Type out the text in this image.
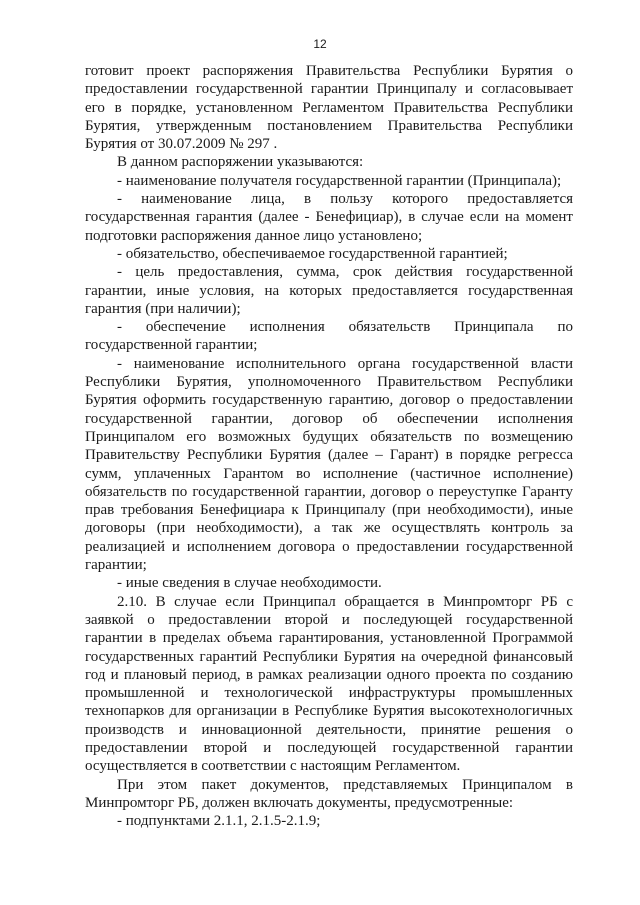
12

готовит проект распоряжения Правительства Республики Бурятия о предоставлении государственной гарантии Принципалу и согласовывает его в порядке, установленном Регламентом Правительства Республики Бурятия, утвержденным постановлением Правительства Республики Бурятия от 30.07.2009 № 297 .

В данном распоряжении указываются:

- наименование получателя государственной гарантии (Принципала);

- наименование лица, в пользу которого предоставляется государственная гарантия (далее - Бенефициар), в случае если на момент подготовки распоряжения данное лицо установлено;

- обязательство, обеспечиваемое государственной гарантией;

- цель предоставления, сумма, срок действия государственной гарантии, иные условия, на которых предоставляется государственная гарантия (при наличии);

- обеспечение исполнения обязательств Принципала по государственной гарантии;

- наименование исполнительного органа государственной власти Республики Бурятия, уполномоченного Правительством Республики Бурятия оформить государственную гарантию, договор о предоставлении государственной гарантии, договор об обеспечении исполнения Принципалом его возможных будущих обязательств по возмещению Правительству Республики Бурятия (далее – Гарант) в порядке регресса сумм, уплаченных Гарантом во исполнение (частичное исполнение) обязательств по государственной гарантии, договор о переуступке Гаранту прав требования Бенефициара к Принципалу (при необходимости), иные договоры (при необходимости), а так же осуществлять контроль за реализацией и исполнением договора о предоставлении государственной гарантии;

- иные сведения в случае необходимости.

2.10. В случае если Принципал обращается в Минпромторг РБ с заявкой о предоставлении второй и последующей государственной гарантии в пределах объема гарантирования, установленной Программой государственных гарантий Республики Бурятия на очередной финансовый год и плановый период, в рамках реализации одного проекта по созданию промышленной и технологической инфраструктуры промышленных технопарков для организации в Республике Бурятия высокотехнологичных производств и инновационной деятельности, принятие решения о предоставлении второй и последующей государственной гарантии осуществляется в соответствии с настоящим Регламентом.

При этом пакет документов, представляемых Принципалом в Минпромторг РБ, должен включать документы, предусмотренные:

- подпунктами 2.1.1, 2.1.5-2.1.9;
